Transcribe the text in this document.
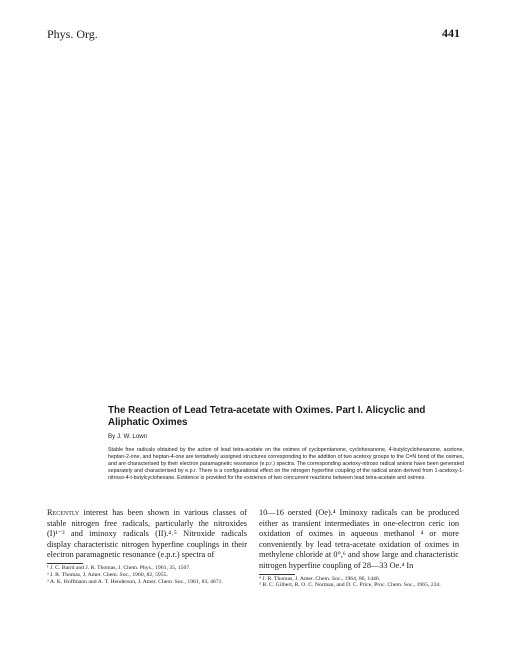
Phys. Org.	441
The Reaction of Lead Tetra-acetate with Oximes. Part I. Alicyclic and Aliphatic Oximes
By J. W. Lown

Stable free radicals obtained by the action of lead tetra-acetate on the oximes of cyclopentanone, cyclohexanone, 4-butylcyclohexanone, acetone, heptan-2-one, and heptan-4-one are tentatively assigned structures corresponding to the addition of two acetoxy groups to the C=N bond of the oximes, and are characterised by their electron paramagnetic resonance (e.p.r.) spectra. The corresponding acetoxy-nitroso radical anions have been generated separately and characterised by e.p.r. There is a configurational effect on the nitrogen hyperfine coupling of the radical anion derived from 1-acetoxy-1-nitroso-4-t-butylcyclohexane. Evidence is provided for the existence of two concurrent reactions between lead tetra-acetate and oximes.

Recently interest has been shown in various classes of stable nitrogen free radicals, particularly the nitroxides (I)¹⁻³ and iminoxy radicals (II).⁴˒⁵ Nitroxide radicals display characteristic nitrogen hyperfine couplings in their electron paramagnetic resonance (e.p.r.) spectra of

¹ J. C. Baird and J. R. Thomas, J. Chem. Phys., 1961, 35, 1507.

² J. R. Thomas, J. Amer. Chem. Soc., 1960, 82, 5955.

³ A. K. Hoffmann and A. T. Henderson, J. Amer. Chem. Soc., 1961, 83, 4671.

10—16 oersted (Oe).⁴ Iminoxy radicals can be produced either as transient intermediates in one-electron ceric ion oxidation of oximes in aqueous methanol ⁴ or more conveniently by lead tetra-acetate oxidation of oximes in methylene chloride at 0°,⁶ and show large and characteristic nitrogen hyperfine coupling of 28—33 Oe.⁴ In

⁴ J. R. Thomas, J. Amer. Chem. Soc., 1964, 86, 1446.

⁵ B. C. Gilbert, R. O. C. Norman, and D. C. Price, Proc. Chem. Soc., 1965, 234.
